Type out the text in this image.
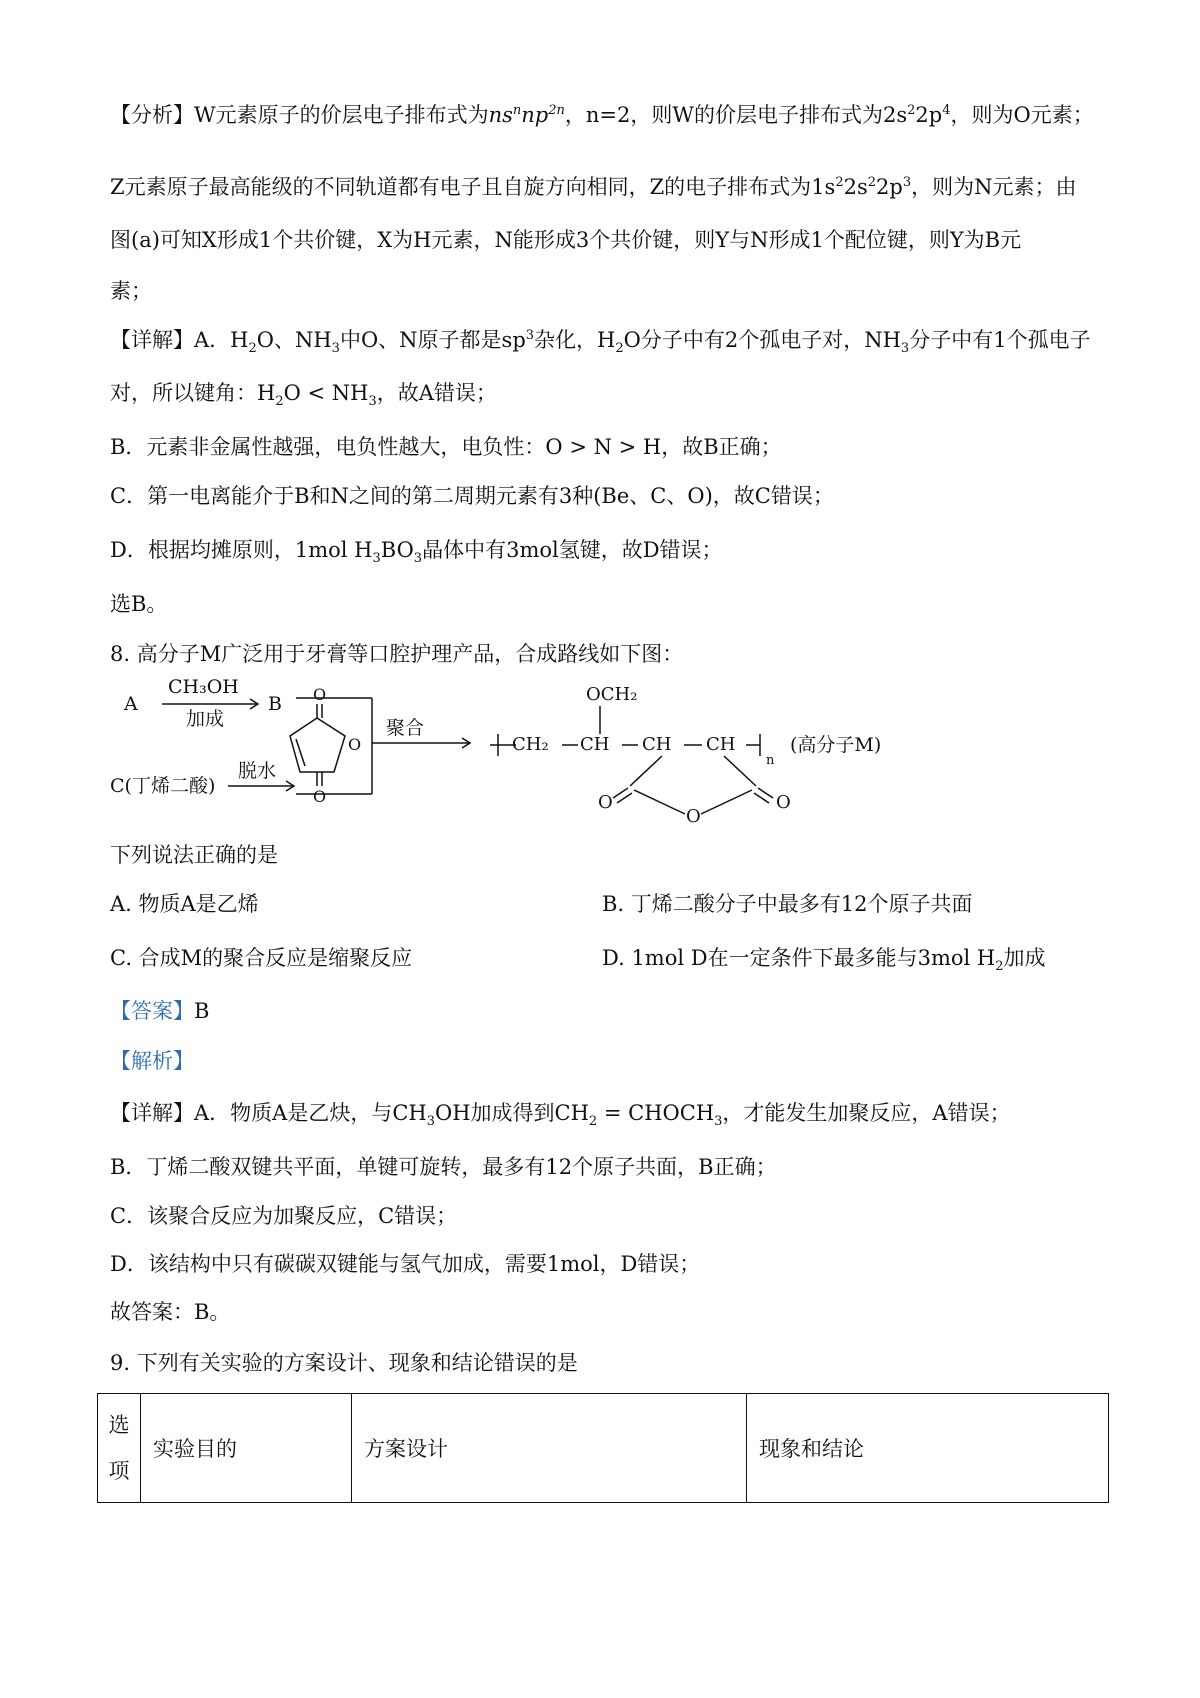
【分析】W元素原子的价层电子排布式为$ns^nnp^{2n}$，n=2，则W的价层电子排布式为$2s^22p^4$，则为O元素；
Z元素原子最高能级的不同轨道都有电子且自旋方向相同，Z的电子排布式为$1s^22s^22p^3$，则为N元素；由
图(a)可知X形成1个共价键，X为H元素，N能形成3个共价键，则Y与N形成1个配位键，则Y为B元
素；
【详解】A．$H_2O$、$NH_3$中O、N原子都是$sp^3$杂化，$H_2O$分子中有2个孤电子对，$NH_3$分子中有1个孤电子
对，所以键角：$H_2O < NH_3$，故A错误；
B．元素非金属性越强，电负性越大，电负性：O > N > H，故B正确；
C．第一电离能介于B和N之间的第二周期元素有3种(Be、C、O)，故C错误；
D．根据均摊原则，1mol $H_3BO_3$晶体中有3mol氢键，故D错误；
选B。
8. 高分子M广泛用于牙膏等口腔护理产品，合成路线如下图：
A
CH₃OH
加成
B
C(丁烯二酸)
脱水
聚合
O
O
O
OCH₂
CH₂ CH CH CH
n
O
O
O
(高分子M)
下列说法正确的是
A. 物质A是乙烯	B. 丁烯二酸分子中最多有12个原子共面
C. 合成M的聚合反应是缩聚反应	D. 1mol D在一定条件下最多能与3mol $H_2$加成
【答案】B
【解析】
【详解】A．物质A是乙炔，与$CH_3OH$加成得到$CH_2$ = $CHOCH_3$，才能发生加聚反应，A错误；
B．丁烯二酸双键共平面，单键可旋转，最多有12个原子共面，B正确；
C．该聚合反应为加聚反应，C错误；
D．该结构中只有碳碳双键能与氢气加成，需要1mol，D错误；
故答案：B。
9. 下列有关实验的方案设计、现象和结论错误的是
选项	实验目的	方案设计	现象和结论
